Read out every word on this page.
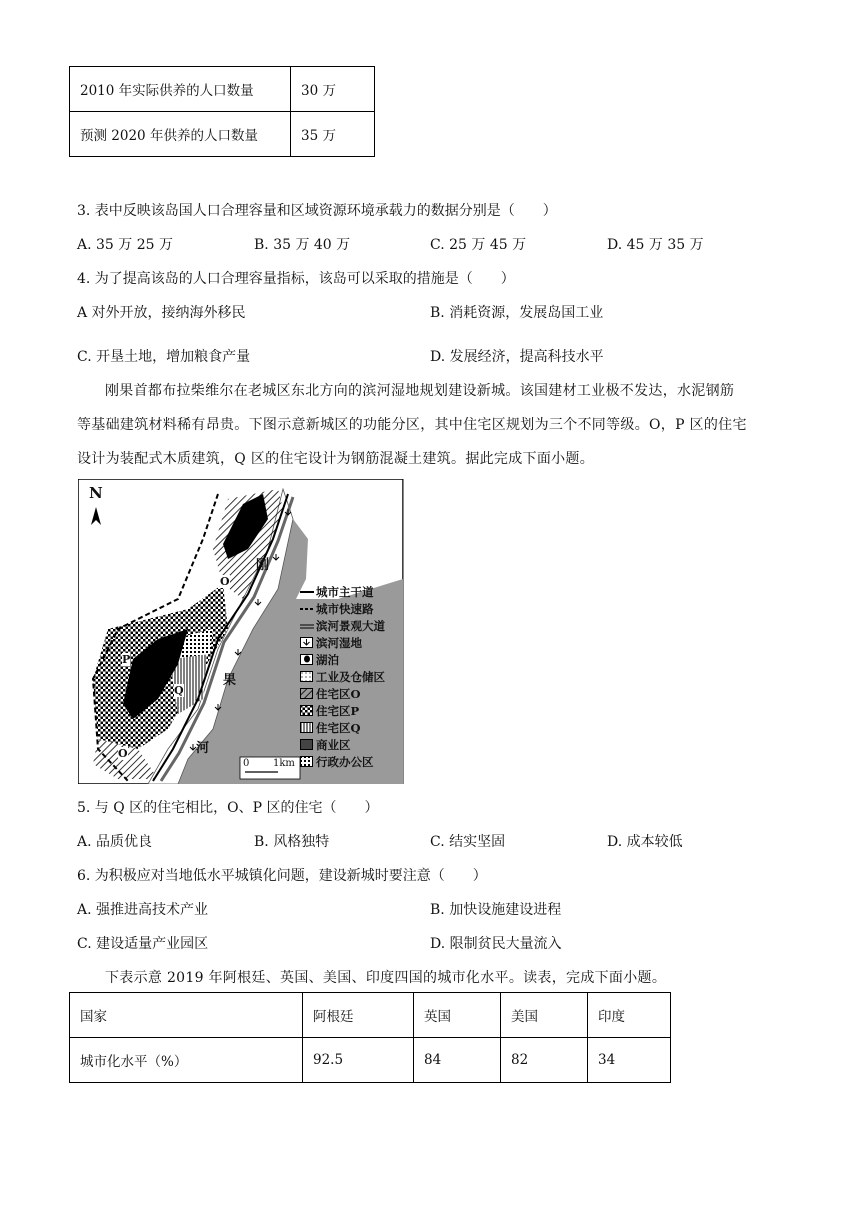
2010 年实际供养的人口数量	30 万
预测 2020 年供养的人口数量	35 万
3. 表中反映该岛国人口合理容量和区域资源环境承载力的数据分别是（　　）
A. 35 万 25 万	B. 35 万 40 万	C. 25 万 45 万	D. 45 万 35 万
4. 为了提高该岛的人口合理容量指标，该岛可以采取的措施是（　　）
A 对外开放，接纳海外移民	B. 消耗资源，发展岛国工业
C. 开垦土地，增加粮食产量	D. 发展经济，提高科技水平
刚果首都布拉柴维尔在老城区东北方向的滨河湿地规划建设新城。该国建材工业极不发达，水泥钢筋
等基础建筑材料稀有昂贵。下图示意新城区的功能分区，其中住宅区规划为三个不同等级。O，P 区的住宅
设计为装配式木质建筑，Q 区的住宅设计为钢筋混凝土建筑。据此完成下面小题。
N
刚
果
河
O
P
Q
O
0 1km
城市主干道
城市快速路
滨河景观大道
滨河湿地
湖泊
工业及仓储区
住宅区O
住宅区P
住宅区Q
商业区
行政办公区
5. 与 Q 区的住宅相比，O、P 区的住宅（　　）
A. 品质优良	B. 风格独特	C. 结实坚固	D. 成本较低
6. 为积极应对当地低水平城镇化问题，建设新城时要注意（　　）
A. 强推进高技术产业	B. 加快设施建设进程
C. 建设适量产业园区	D. 限制贫民大量流入
下表示意 2019 年阿根廷、英国、美国、印度四国的城市化水平。读表，完成下面小题。
国家	阿根廷	英国	美国	印度
城市化水平（%）	92.5	84	82	34
